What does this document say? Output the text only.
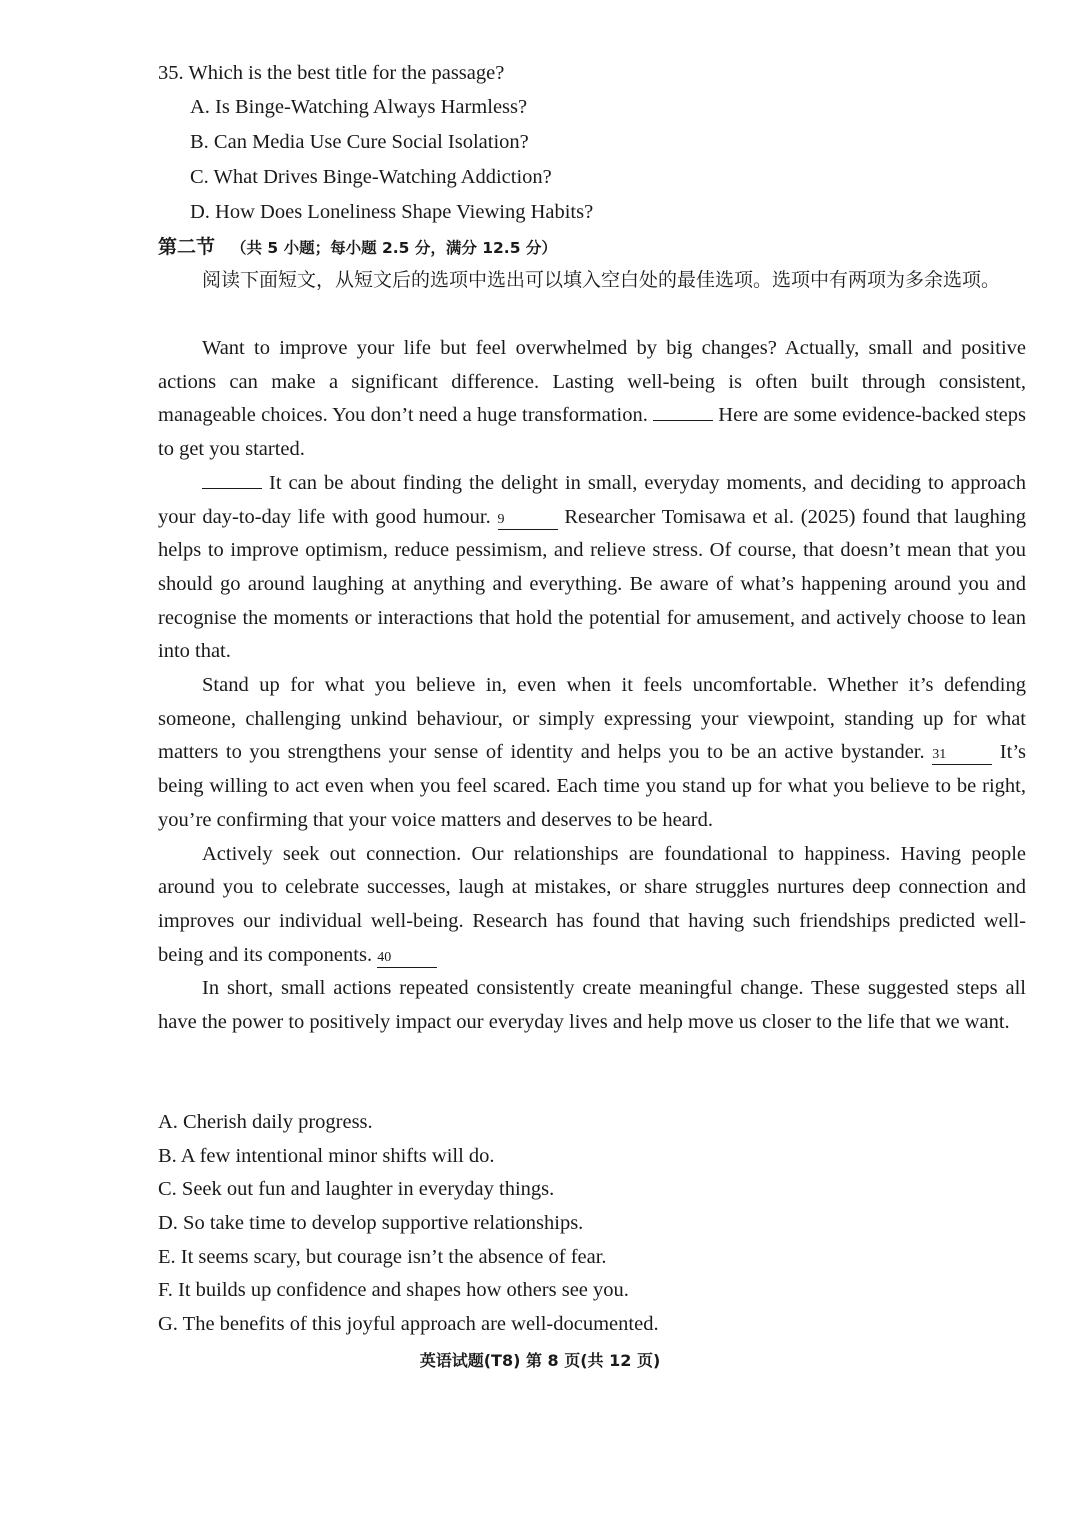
35. Which is the best title for the passage?
A. Is Binge-Watching Always Harmless?
B. Can Media Use Cure Social Isolation?
C. What Drives Binge-Watching Addiction?
D. How Does Loneliness Shape Viewing Habits?
第二节 （共 5 小题；每小题 2.5 分，满分 12.5 分）
阅读下面短文，从短文后的选项中选出可以填入空白处的最佳选项。选项中有两项为多余选项。

Want to improve your life but feel overwhelmed by big changes? Actually, small and positive actions can make a significant difference. Lasting well-being is often built through consistent, manageable choices. You don’t need a huge transformation.	Here are some evidence-backed steps to get you started.

It can be about finding the delight in small, everyday moments, and deciding to approach your day-to-day life with good humour. 9	Researcher Tomisawa et al. (2025) found that laughing helps to improve optimism, reduce pessimism, and relieve stress. Of course, that doesn’t mean that you should go around laughing at anything and everything. Be aware of what’s happening around you and recognise the moments or interactions that hold the potential for amusement, and actively choose to lean into that.

Stand up for what you believe in, even when it feels uncomfortable. Whether it’s defending someone, challenging unkind behaviour, or simply expressing your viewpoint, standing up for what matters to you strengthens your sense of identity and helps you to be an active bystander. 31	It’s being willing to act even when you feel scared. Each time you stand up for what you believe to be right, you’re confirming that your voice matters and deserves to be heard.

Actively seek out connection. Our relationships are foundational to happiness. Having people around you to celebrate successes, laugh at mistakes, or share struggles nurtures deep connection and improves our individual well-being. Research has found that having such friendships predicted well-being and its components. 40

In short, small actions repeated consistently create meaningful change. These suggested steps all have the power to positively impact our everyday lives and help move us closer to the life that we want.

A. Cherish daily progress.
B. A few intentional minor shifts will do.
C. Seek out fun and laughter in everyday things.
D. So take time to develop supportive relationships.
E. It seems scary, but courage isn’t the absence of fear.
F. It builds up confidence and shapes how others see you.
G. The benefits of this joyful approach are well-documented.
英语试题(T8) 第 8 页(共 12 页)
